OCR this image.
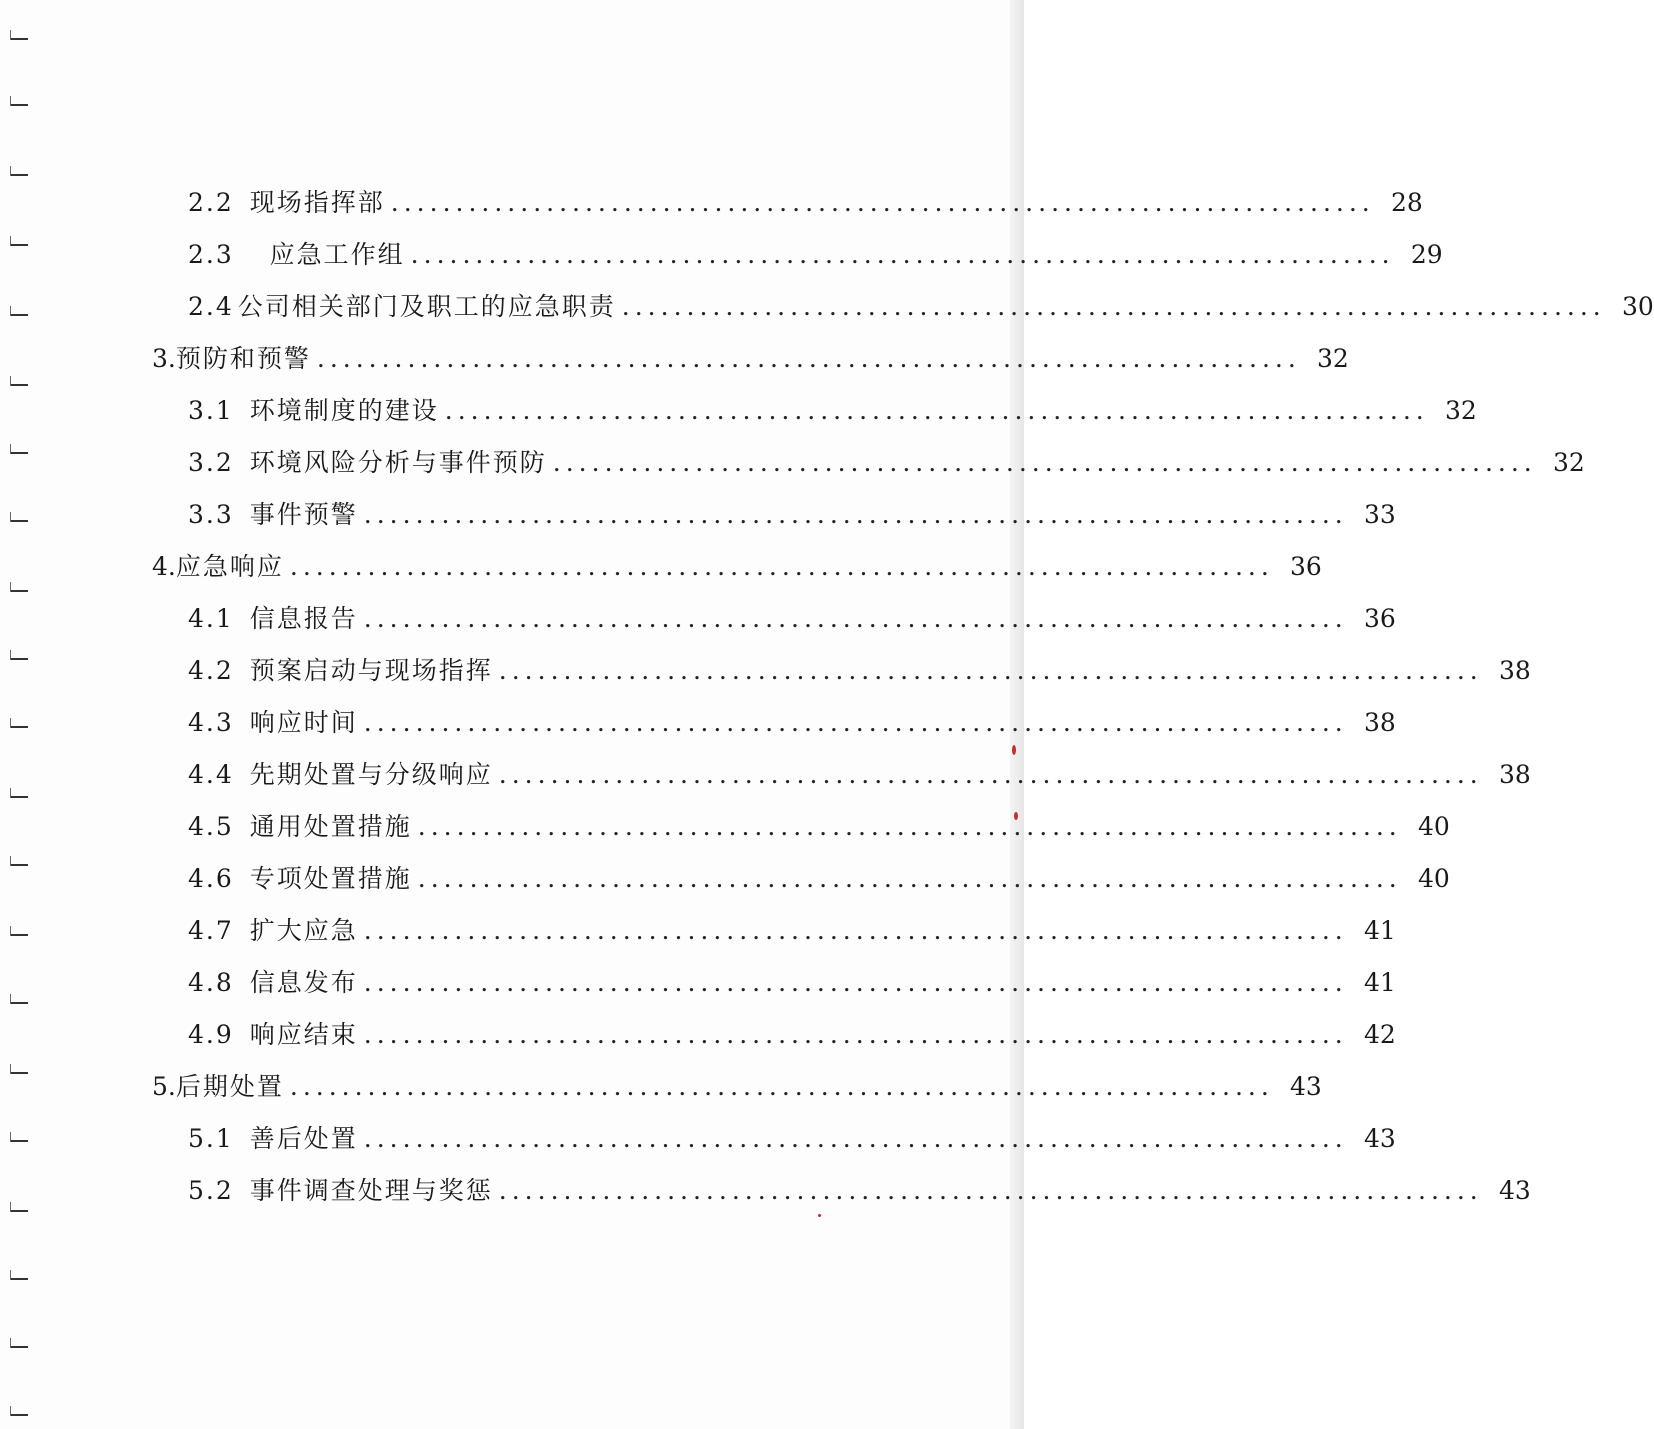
2.2 现场指挥部 ............................................................................ 28
2.3 应急工作组 ............................................................................ 29
2.4 公司相关部门及职工的应急职责 ............................................................................ 30
3. 预防和预警 ............................................................................ 32
3.1 环境制度的建设 ............................................................................ 32
3.2 环境风险分析与事件预防 ............................................................................ 32
3.3 事件预警 ............................................................................ 33
4. 应急响应 ............................................................................ 36
4.1 信息报告 ............................................................................ 36
4.2 预案启动与现场指挥 ............................................................................ 38
4.3 响应时间 ............................................................................ 38
4.4 先期处置与分级响应 ............................................................................ 38
4.5 通用处置措施 ............................................................................ 40
4.6 专项处置措施 ............................................................................ 40
4.7 扩大应急 ............................................................................ 41
4.8 信息发布 ............................................................................ 41
4.9 响应结束 ............................................................................ 42
5. 后期处置 ............................................................................ 43
5.1 善后处置 ............................................................................ 43
5.2 事件调查处理与奖惩 ............................................................................ 43
